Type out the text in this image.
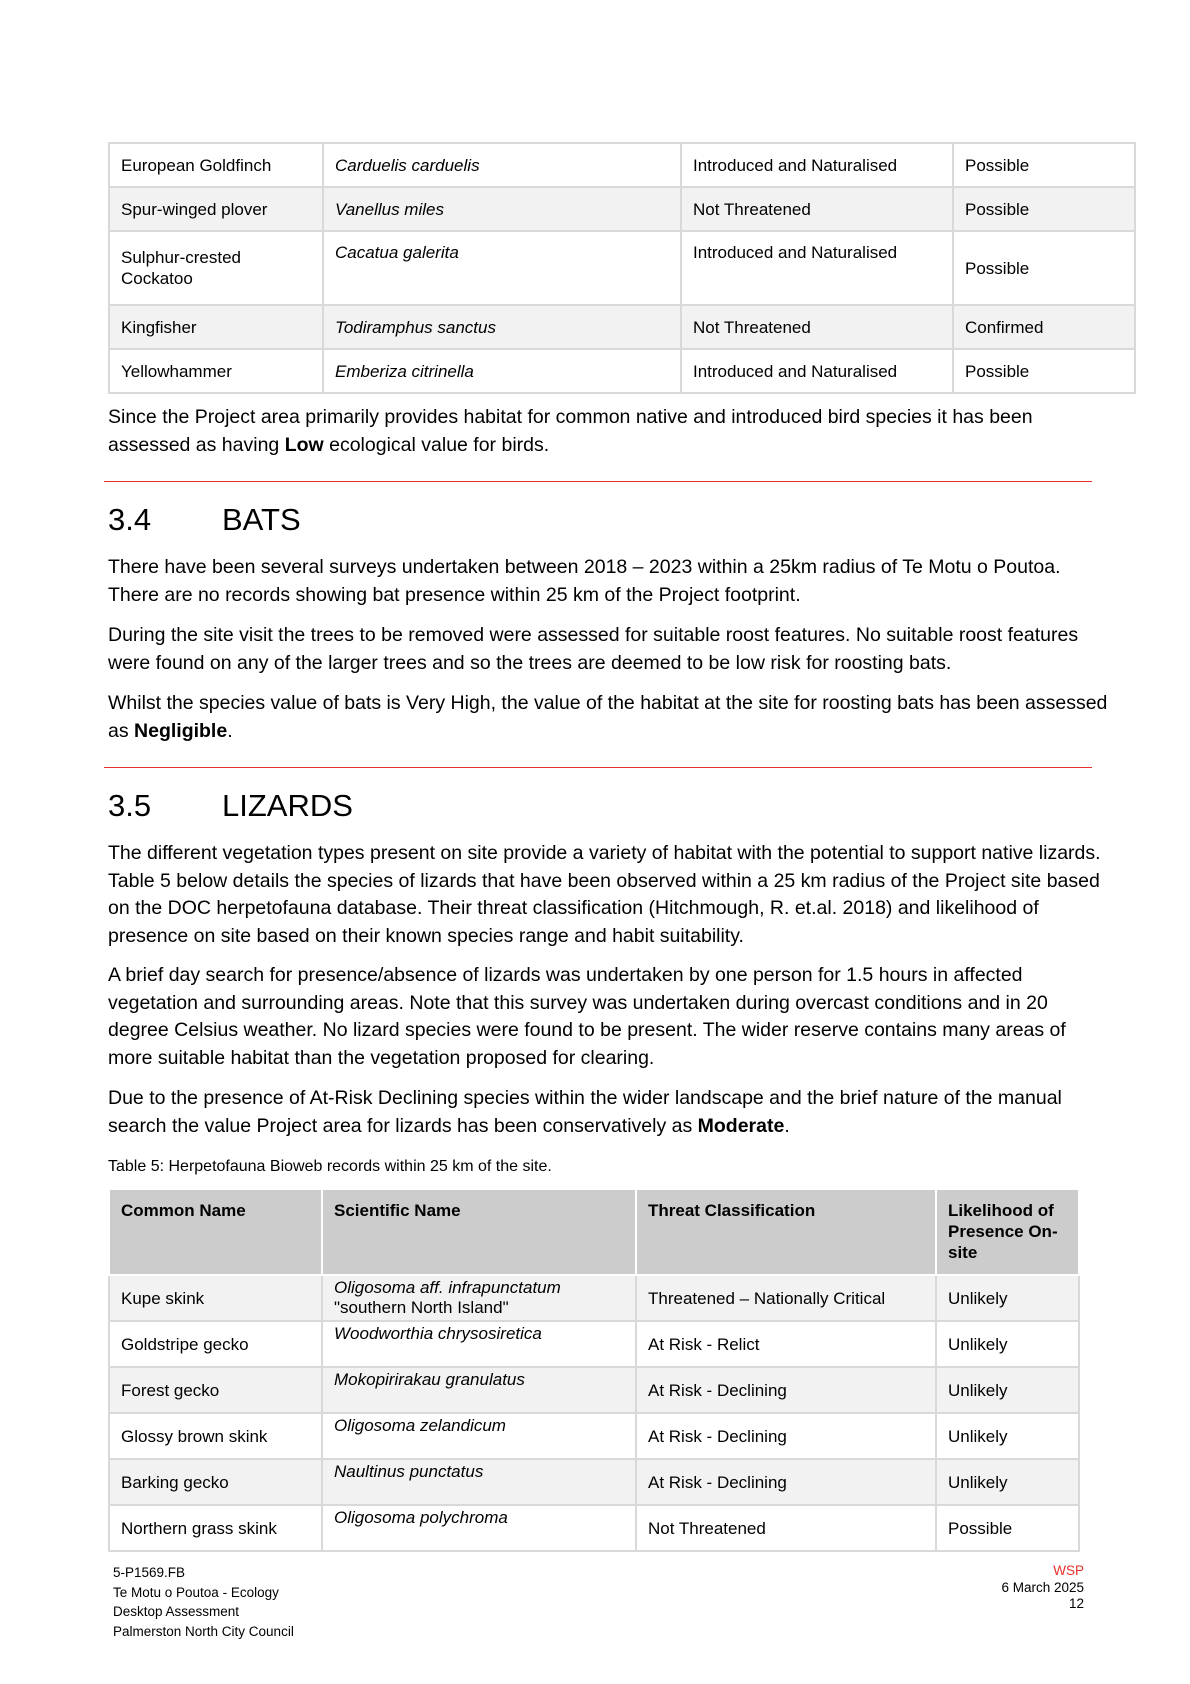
European Goldfinch	Carduelis carduelis	Introduced and Naturalised	Possible
Spur-winged plover	Vanellus miles	Not Threatened	Possible

Sulphur-crested
Cockatoo	Cacatua galerita	Introduced and Naturalised	Possible
Kingfisher	Todiramphus sanctus	Not Threatened	Confirmed
Yellowhammer	Emberiza citrinella	Introduced and Naturalised	Possible

Since the Project area primarily provides habitat for common native and introduced bird species it has been assessed as having Low ecological value for birds.

3.4 BATS

There have been several surveys undertaken between 2018 – 2023 within a 25km radius of Te Motu o Poutoa. There are no records showing bat presence within 25 km of the Project footprint.

During the site visit the trees to be removed were assessed for suitable roost features. No suitable roost features were found on any of the larger trees and so the trees are deemed to be low risk for roosting bats.

Whilst the species value of bats is Very High, the value of the habitat at the site for roosting bats has been assessed as Negligible.

3.5 LIZARDS

The different vegetation types present on site provide a variety of habitat with the potential to support native lizards. Table 5 below details the species of lizards that have been observed within a 25 km radius of the Project site based on the DOC herpetofauna database. Their threat classification (Hitchmough, R. et.al. 2018) and likelihood of presence on site based on their known species range and habit suitability.

A brief day search for presence/absence of lizards was undertaken by one person for 1.5 hours in affected vegetation and surrounding areas. Note that this survey was undertaken during overcast conditions and in 20 degree Celsius weather. No lizard species were found to be present. The wider reserve contains many areas of more suitable habitat than the vegetation proposed for clearing.

Due to the presence of At-Risk Declining species within the wider landscape and the brief nature of the manual search the value Project area for lizards has been conservatively as Moderate.

Table 5: Herpetofauna Bioweb records within 25 km of the site.

Common Name	Scientific Name	Threat Classification	Likelihood of
Presence On-
site

Kupe skink	Oligosoma aff. infrapunctatum
"southern North Island"	Threatened – Nationally Critical	Unlikely
Goldstripe gecko	Woodworthia chrysosiretica	At Risk - Relict	Unlikely
Forest gecko	Mokopirirakau granulatus	At Risk - Declining	Unlikely
Glossy brown skink	Oligosoma zelandicum	At Risk - Declining	Unlikely
Barking gecko	Naultinus punctatus	At Risk - Declining	Unlikely
Northern grass skink	Oligosoma polychroma	Not Threatened	Possible
5-P1569.FB
Te Motu o Poutoa - Ecology
Desktop Assessment
Palmerston North City Council
WSP
6 March 2025
12
